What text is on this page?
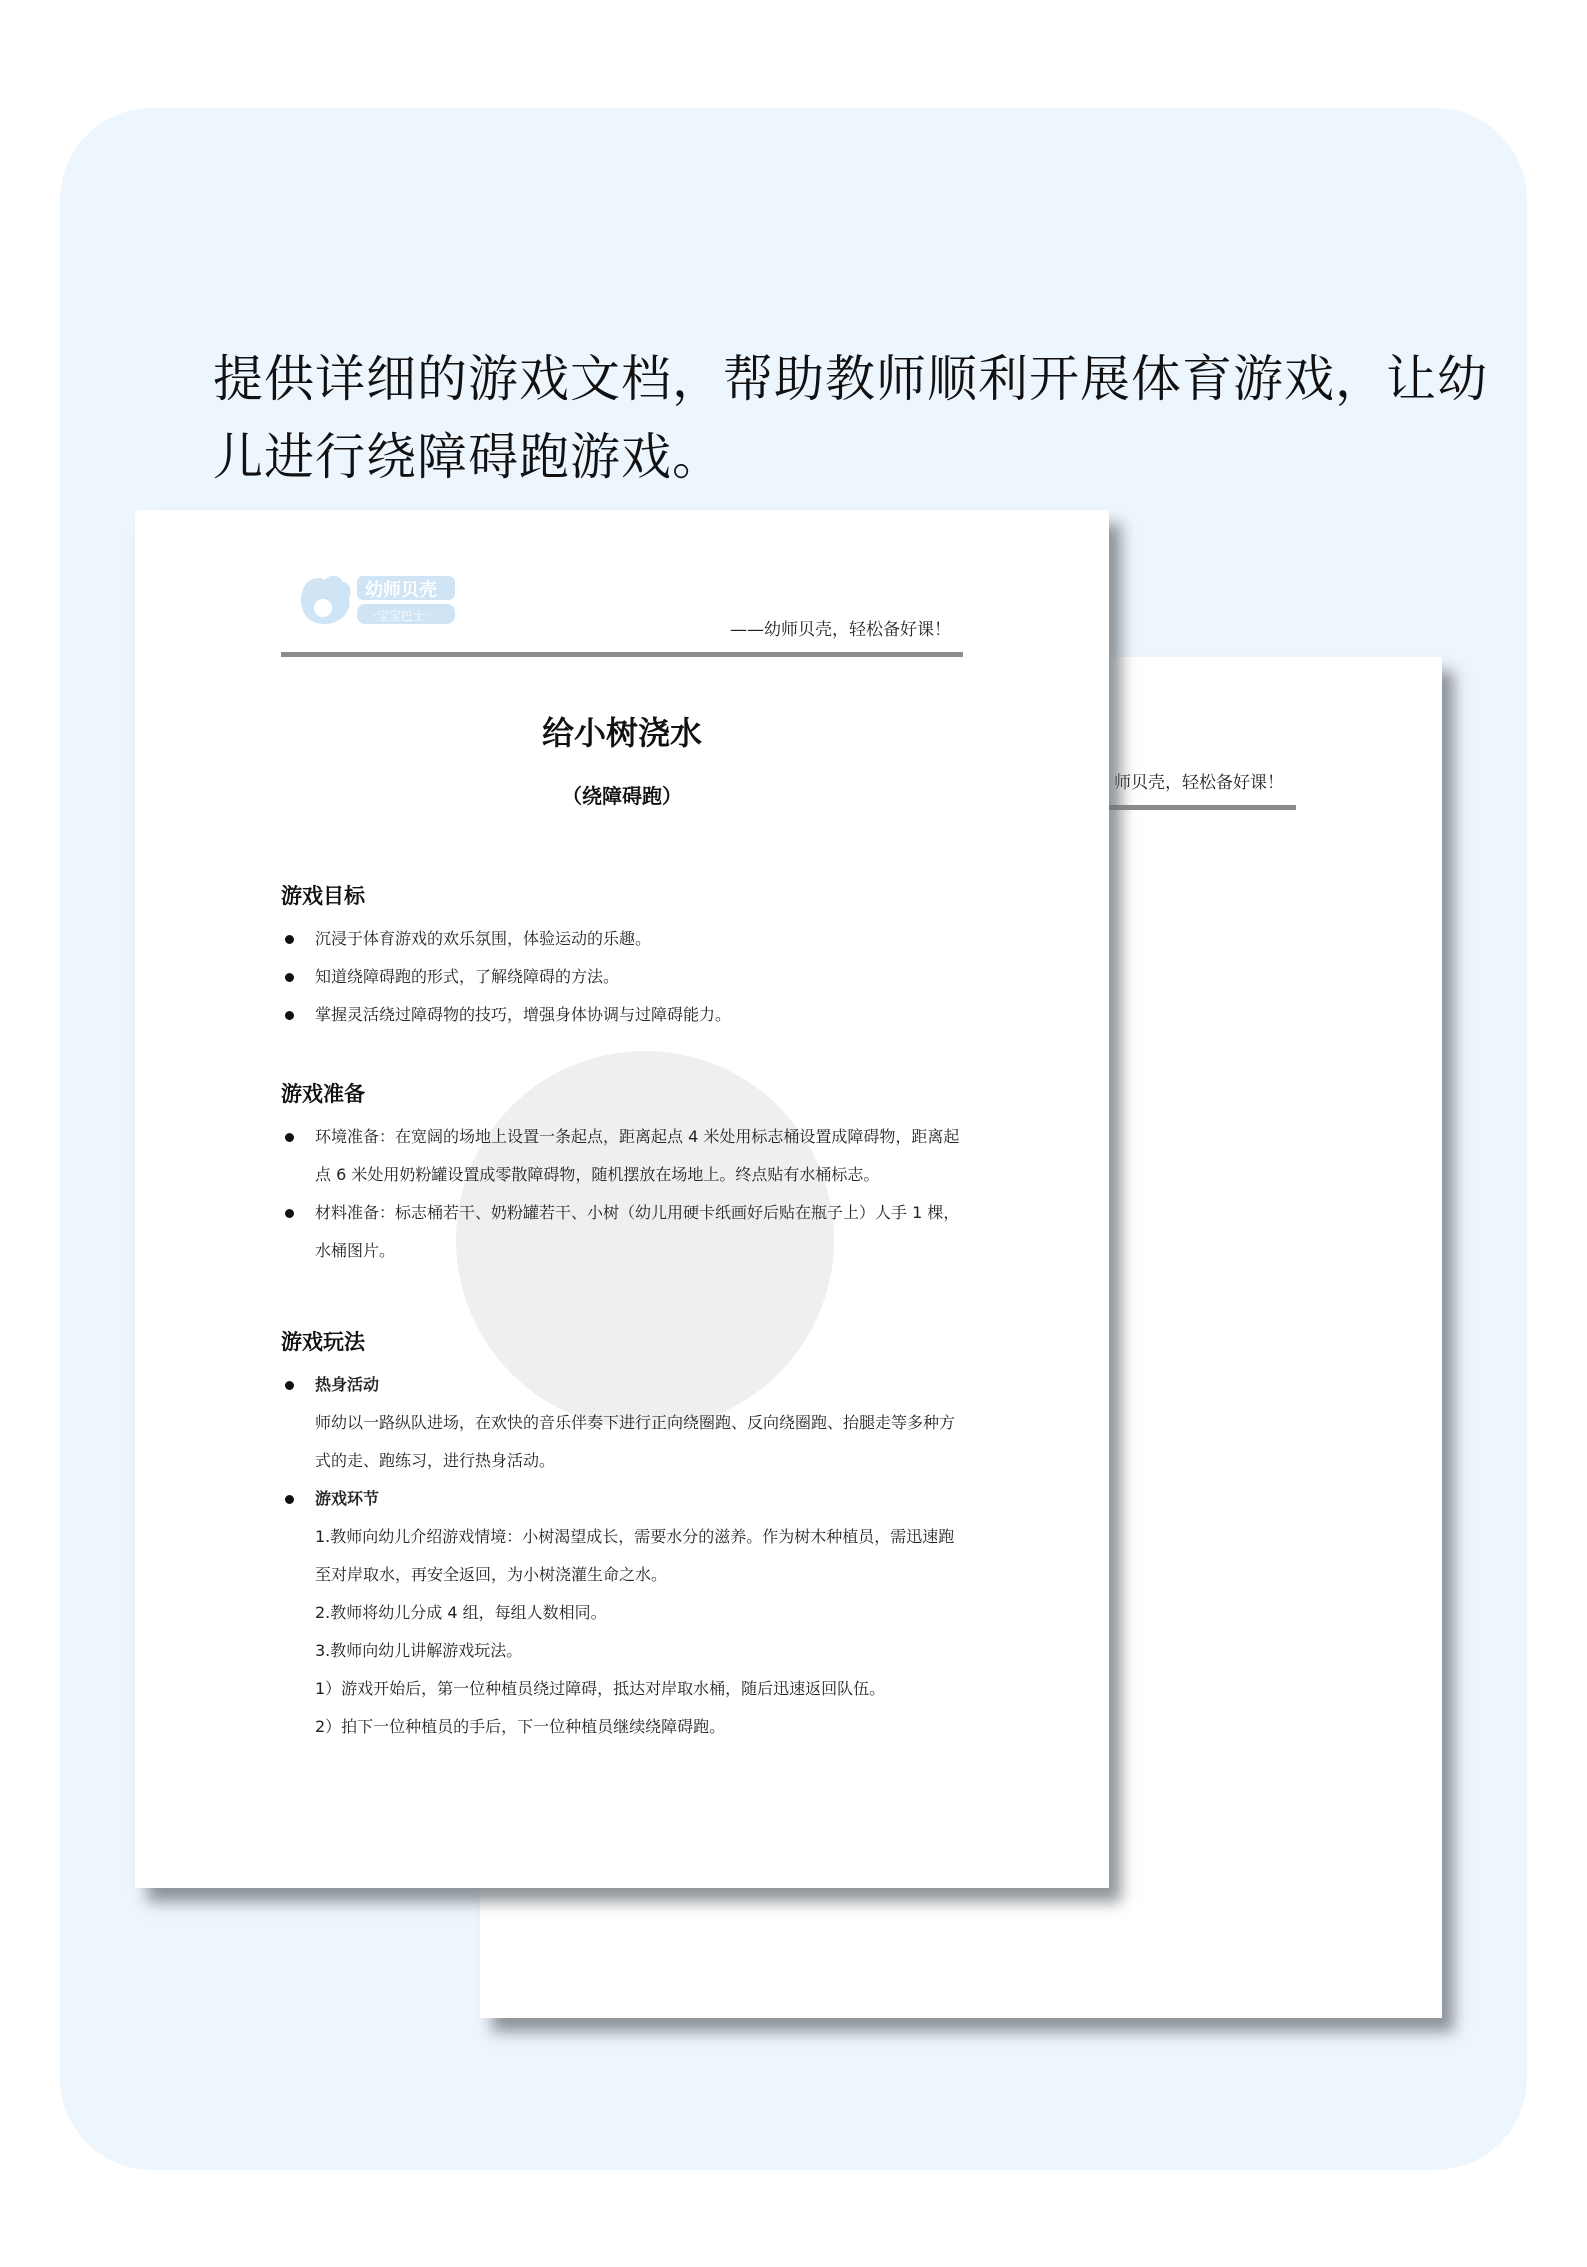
提供详细的游戏文档，帮助教师顺利开展体育游戏，让幼儿进行绕障碍跑游戏。
师贝壳，轻松备好课！
幼师贝壳
·宝宝巴士·
——幼师贝壳，轻松备好课！
给小树浇水
（绕障碍跑）
游戏目标
沉浸于体育游戏的欢乐氛围，体验运动的乐趣。
知道绕障碍跑的形式，了解绕障碍的方法。
掌握灵活绕过障碍物的技巧，增强身体协调与过障碍能力。
游戏准备
环境准备：在宽阔的场地上设置一条起点，距离起点 4 米处用标志桶设置成障碍物，距离起点 6 米处用奶粉罐设置成零散障碍物，随机摆放在场地上。终点贴有水桶标志。
材料准备：标志桶若干、奶粉罐若干、小树（幼儿用硬卡纸画好后贴在瓶子上）人手 1 棵，水桶图片。
游戏玩法
热身活动
师幼以一路纵队进场，在欢快的音乐伴奏下进行正向绕圈跑、反向绕圈跑、抬腿走等多种方式的走、跑练习，进行热身活动。
游戏环节
1.教师向幼儿介绍游戏情境：小树渴望成长，需要水分的滋养。作为树木种植员，需迅速跑至对岸取水，再安全返回，为小树浇灌生命之水。
2.教师将幼儿分成 4 组，每组人数相同。
3.教师向幼儿讲解游戏玩法。
1）游戏开始后，第一位种植员绕过障碍，抵达对岸取水桶，随后迅速返回队伍。
2）拍下一位种植员的手后，下一位种植员继续绕障碍跑。
